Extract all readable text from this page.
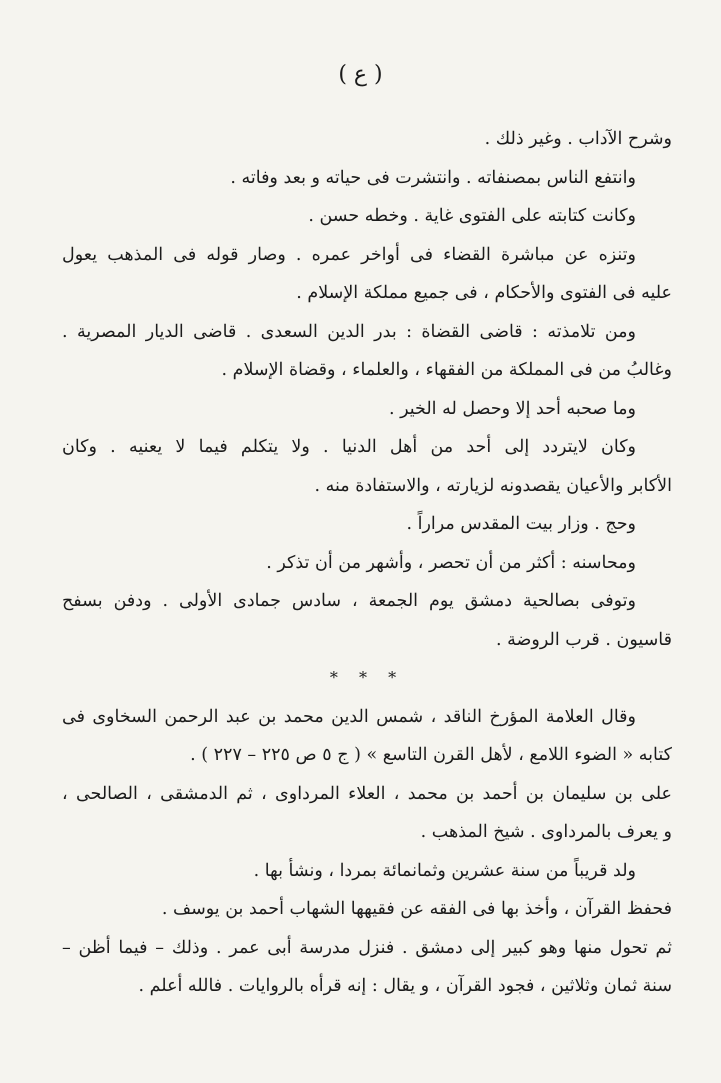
( ع )
وشرح الآداب . وغير ذلك .
وانتفع الناس بمصنفاته . وانتشرت فى حياته و بعد وفاته .
وكانت كتابته على الفتوى غاية . وخطه حسن .
وتنزه عن مباشرة القضاء فى أواخر عمره . وصار قوله فى المذهب يعول
عليه فى الفتوى والأحكام ، فى جميع مملكة الإسلام .
ومن تلامذته : قاضى القضاة : بدر الدين السعدى . قاضى الديار المصرية .
وغالبُ من فى المملكة من الفقهاء ، والعلماء ، وقضاة الإسلام .
وما صحبه أحد إلا وحصل له الخير .
وكان لايتردد إلى أحد من أهل الدنيا . ولا يتكلم فيما لا يعنيه . وكان
الأكابر والأعيان يقصدونه لزيارته ، والاستفادة منه .
وحج . وزار بيت المقدس مراراً .
ومحاسنه : أكثر من أن تحصر ، وأشهر من أن تذكر .
وتوفى بصالحية دمشق يوم الجمعة ، سادس جمادى الأولى . ودفن بسفح
قاسيون . قرب الروضة .
* * *
وقال العلامة المؤرخ الناقد ، شمس الدين محمد بن عبد الرحمن السخاوى فى
كتابه « الضوء اللامع ، لأهل القرن التاسع » ( ج ٥ ص ٢٢٥ – ٢٢٧ ) .
على بن سليمان بن أحمد بن محمد ، العلاء المرداوى ، ثم الدمشقى ، الصالحى ،
و يعرف بالمرداوى . شيخ المذهب .
ولد قريباً من سنة عشرين وثمانمائة بمردا ، ونشأ بها .
فحفظ القرآن ، وأخذ بها فى الفقه عن فقيهها الشهاب أحمد بن يوسف .
ثم تحول منها وهو كبير إلى دمشق . فنزل مدرسة أبى عمر . وذلك – فيما أظن –
سنة ثمان وثلاثين ، فجود القرآن ، و يقال : إنه قرأه بالروايات . فالله أعلم .
